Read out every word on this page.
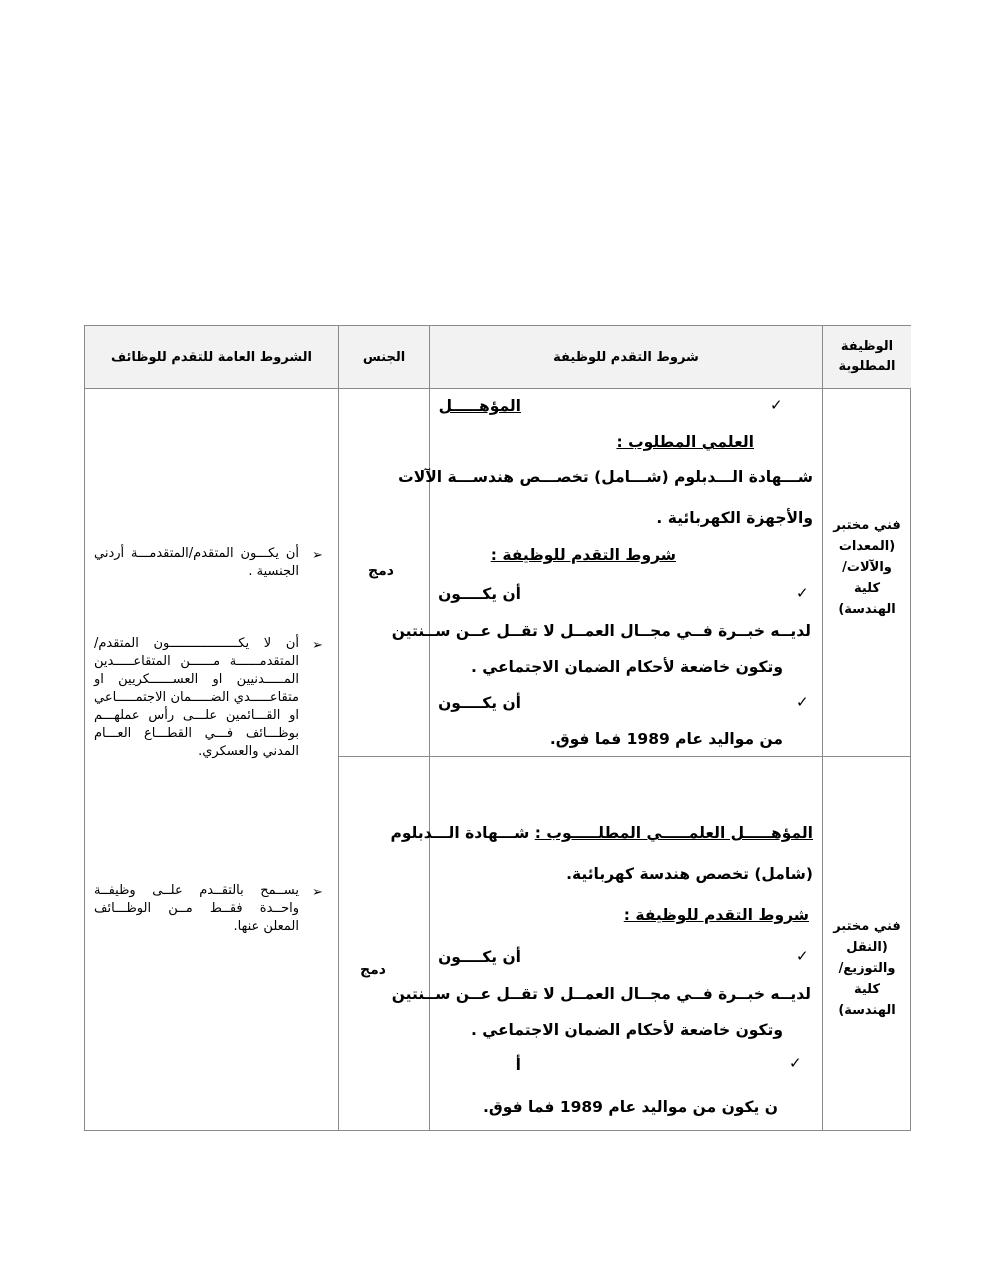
الشروط العامة للتقدم للوظائف	الجنس	شروط التقدم للوظيفة
الوظيفة
المطلوبة
➢
أن يكـــون المتقدم/المتقدمـــة أردني الجنسية .
➢
أن لا يكــــــــــــــــــون المتقدم/المتقدمــــــة مــــــن المتقاعـــــدين المـــــدنيين او العســــــكريين او متقاعـــــدي الضـــــمان الاجتمـــــاعي او القـــائمين علـــى رأس عملهـــم بوظـــائف فـــي القطـــاع العـــام المدني والعسكري.
➢
يســمح بالتقــدم علــى وظيفــة واحــدة فقــط مــن الوظـــائف المعلن عنها.
دمج
دمج
فني مختبر
(المعدات
والآلات/
كلية
الهندسة)
فني مختبر
(النقل
والتوزيع/
كلية
الهندسة)
✓
المؤهـــــل
العلمي المطلوب :
شـــهادة الـــدبلوم (شـــامل) تخصـــص هندســـة الآلات
والأجهزة الكهربائية .
شروط التقدم للوظيفة :
✓
أن يكــــون
لديــه خبــرة فــي مجــال العمــل لا تقــل عــن ســنتين
وتكون خاضعة لأحكام الضمان الاجتماعي .
✓
أن يكــــون
من مواليد عام 1989 فما فوق.
المؤهـــــل العلمـــــي المطلـــــوب : شـــهادة الـــدبلوم
(شامل) تخصص هندسة كهربائية.
شروط التقدم للوظيفة :
✓
أن يكــــون
لديــه خبــرة فــي مجــال العمــل لا تقــل عــن ســنتين
وتكون خاضعة لأحكام الضمان الاجتماعي .
✓
أ
ن يكون من مواليد عام 1989 فما فوق.
